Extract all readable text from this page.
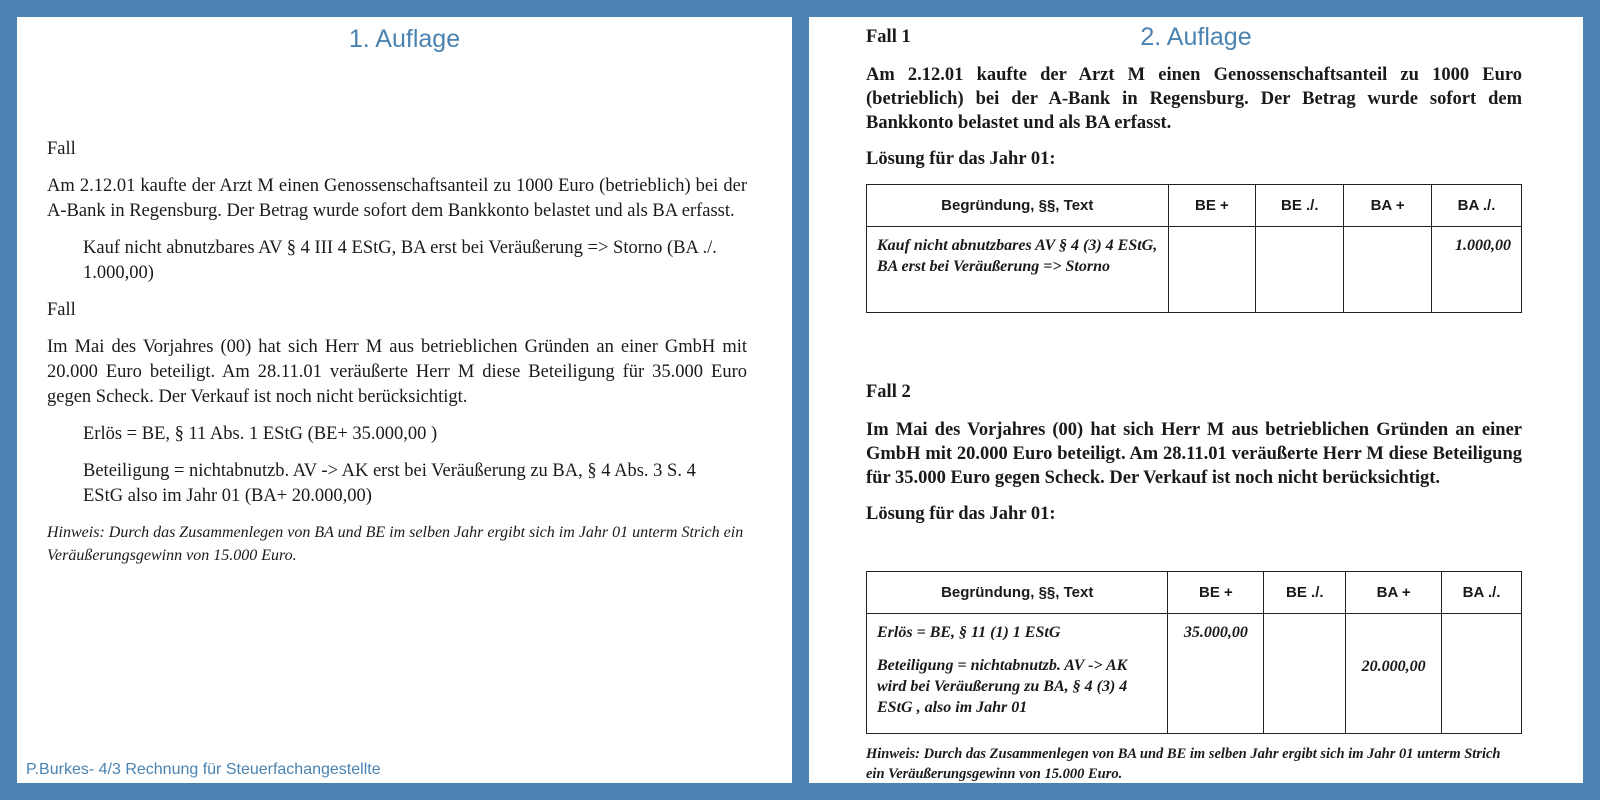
1. Auflage

Fall

Am 2.12.01 kaufte der Arzt M einen Genossenschaftsanteil zu 1000 Euro (betrieblich) bei der A-Bank in Regensburg. Der Betrag wurde sofort dem Bankkonto belastet und als BA erfasst.

Kauf nicht abnutzbares AV § 4 III 4 EStG, BA erst bei Veräußerung => Storno (BA ./. 1.000,00)

Fall

Im Mai des Vorjahres (00) hat sich Herr M aus betrieblichen Gründen an einer GmbH mit 20.000 Euro beteiligt. Am 28.11.01 veräußerte Herr M diese Beteiligung für 35.000 Euro gegen Scheck. Der Verkauf ist noch nicht berücksichtigt.

Erlös = BE, § 11 Abs. 1 EStG (BE+ 35.000,00 )

Beteiligung = nichtabnutzb. AV -> AK erst bei Veräußerung zu BA, § 4 Abs. 3 S. 4 EStG also im Jahr 01 (BA+ 20.000,00)

Hinweis: Durch das Zusammenlegen von BA und BE im selben Jahr ergibt sich im Jahr 01 unterm Strich ein Veräußerungsgewinn von 15.000 Euro.

P.Burkes- 4/3 Rechnung für Steuerfachangestellte
2. Auflage
Fall 1

Am 2.12.01 kaufte der Arzt M einen Genossenschaftsanteil zu 1000 Euro (betrieblich) bei der A-Bank in Regensburg. Der Betrag wurde sofort dem Bankkonto belastet und als BA erfasst.

Lösung für das Jahr 01:

Begründung, §§, Text	BE +	BE ./.	BA +	BA ./.
Kauf nicht abnutzbares AV § 4 (3) 4 EStG, BA erst bei Veräußerung => Storno				1.000,00
Fall 2

Im Mai des Vorjahres (00) hat sich Herr M aus betrieblichen Gründen an einer GmbH mit 20.000 Euro beteiligt. Am 28.11.01 veräußerte Herr M diese Beteiligung für 35.000 Euro gegen Scheck. Der Verkauf ist noch nicht berücksichtigt.

Lösung für das Jahr 01:

Begründung, §§, Text	BE +	BE ./.	BA +	BA ./.

Erlös = BE, § 11 (1) 1 EStG

Beteiligung = nichtabnutzb. AV -> AK wird bei Veräußerung zu BA, § 4 (3) 4 EStG , also im Jahr 01	35.000,00		20.000,00	
Hinweis: Durch das Zusammenlegen von BA und BE im selben Jahr ergibt sich im Jahr 01 unterm Strich ein Veräußerungsgewinn von 15.000 Euro.
